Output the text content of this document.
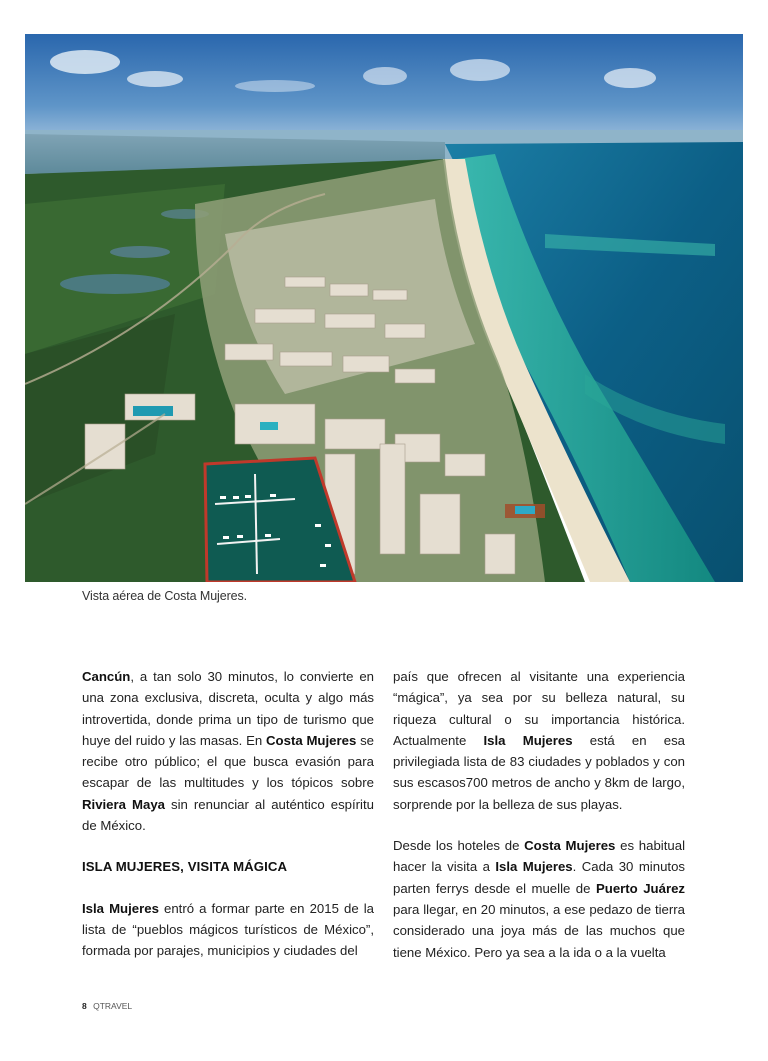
Vista aérea de Costa Mujeres.

Cancún, a tan solo 30 minutos, lo convierte en una zona exclusiva, discreta, oculta y algo más introvertida, donde prima un tipo de turismo que huye del ruido y las masas. En Costa Mujeres se recibe otro público; el que busca evasión para escapar de las multitudes y los tópicos sobre Riviera Maya sin renunciar al auténtico espíritu de México.

ISLA MUJERES, VISITA MÁGICA

Isla Mujeres entró a formar parte en 2015 de la lista de “pueblos mágicos turísticos de México”, formada por parajes, municipios y ciudades del

país que ofrecen al visitante una experiencia “mágica”, ya sea por su belleza natural, su riqueza cultural o su importancia histórica. Actualmente Isla Mujeres está en esa privilegiada lista de 83 ciudades y poblados y con sus escasos700 metros de ancho y 8km de largo, sorprende por la belleza de sus playas.

Desde los hoteles de Costa Mujeres es habitual hacer la visita a Isla Mujeres. Cada 30 minutos parten ferrys desde el muelle de Puerto Juárez para llegar, en 20 minutos, a ese pedazo de tierra considerado una joya más de las muchos que tiene México. Pero ya sea a la ida o a la vuelta

8 QTRAVEL
